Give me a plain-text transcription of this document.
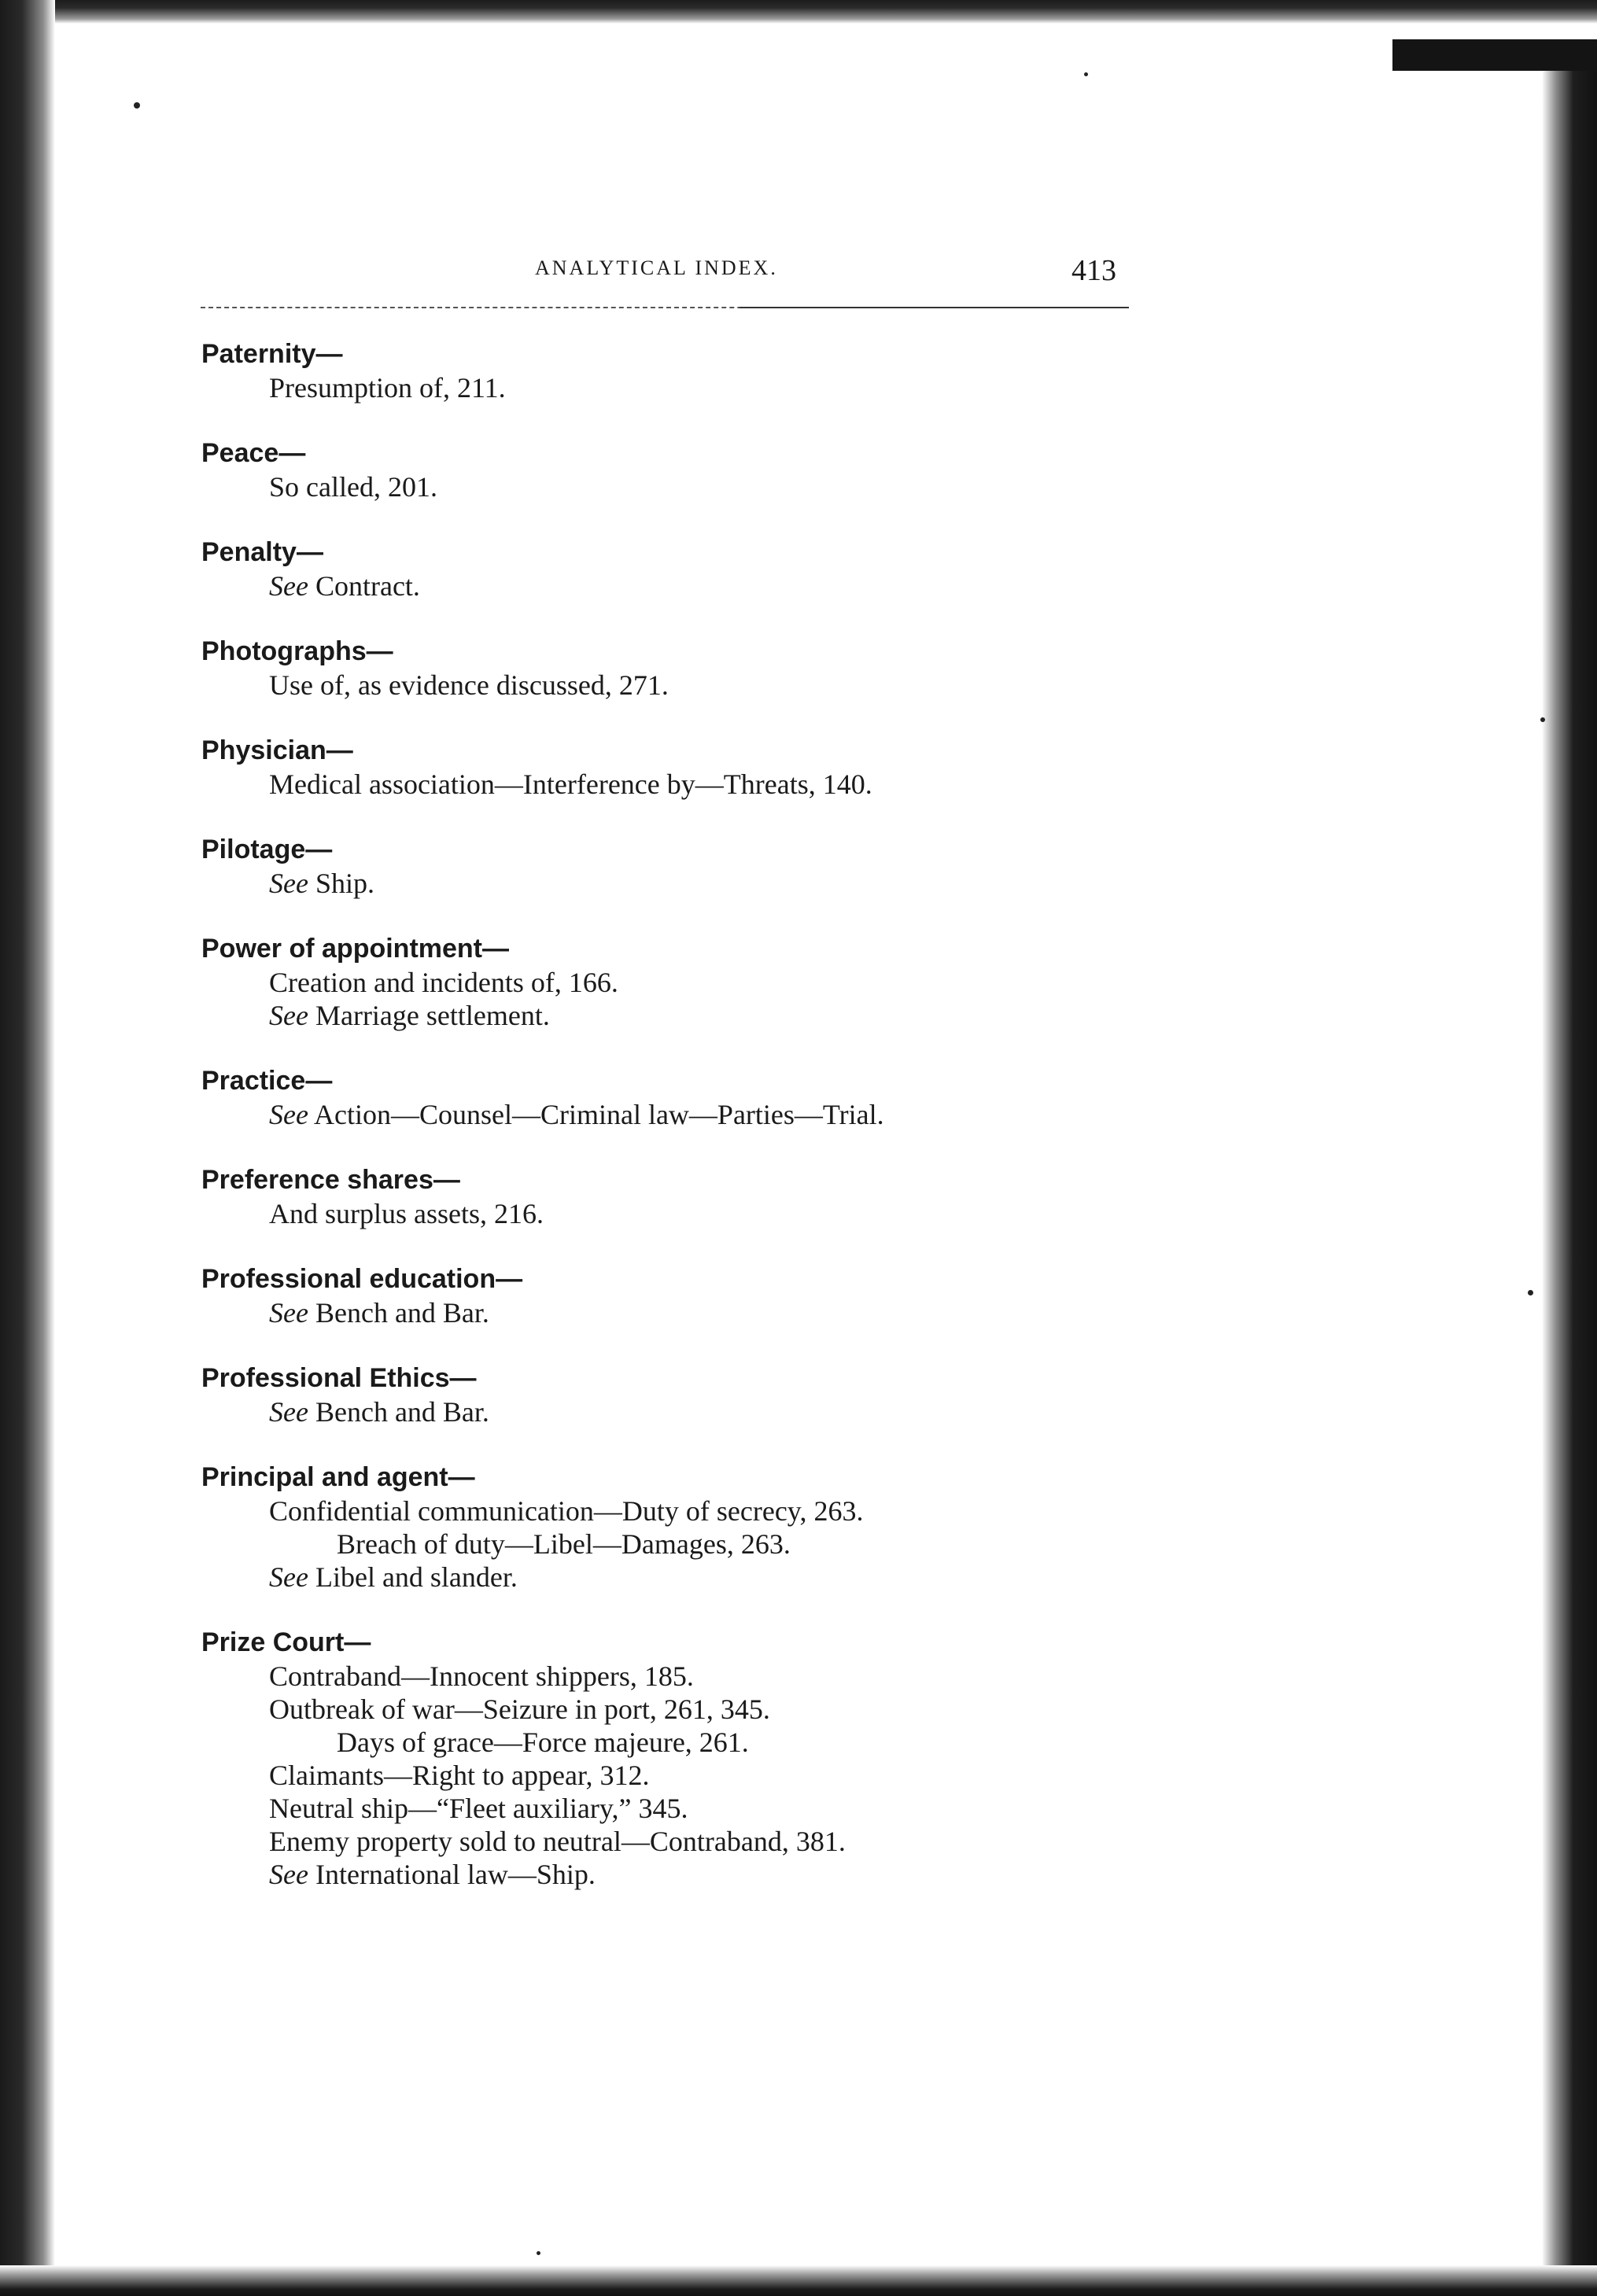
ANALYTICAL INDEX.	413
Paternity—
Presumption of, 211.
Peace—
So called, 201.
Penalty—
See Contract.
Photographs—
Use of, as evidence discussed, 271.
Physician—
Medical association—Interference by—Threats, 140.
Pilotage—
See Ship.
Power of appointment—
Creation and incidents of, 166.
See Marriage settlement.
Practice—
See Action—Counsel—Criminal law—Parties—Trial.
Preference shares—
And surplus assets, 216.
Professional education—
See Bench and Bar.
Professional Ethics—
See Bench and Bar.
Principal and agent—
Confidential communication—Duty of secrecy, 263.
Breach of duty—Libel—Damages, 263.
See Libel and slander.
Prize Court—
Contraband—Innocent shippers, 185.
Outbreak of war—Seizure in port, 261, 345.
Days of grace—Force majeure, 261.
Claimants—Right to appear, 312.
Neutral ship—“Fleet auxiliary,” 345.
Enemy property sold to neutral—Contraband, 381.
See International law—Ship.
